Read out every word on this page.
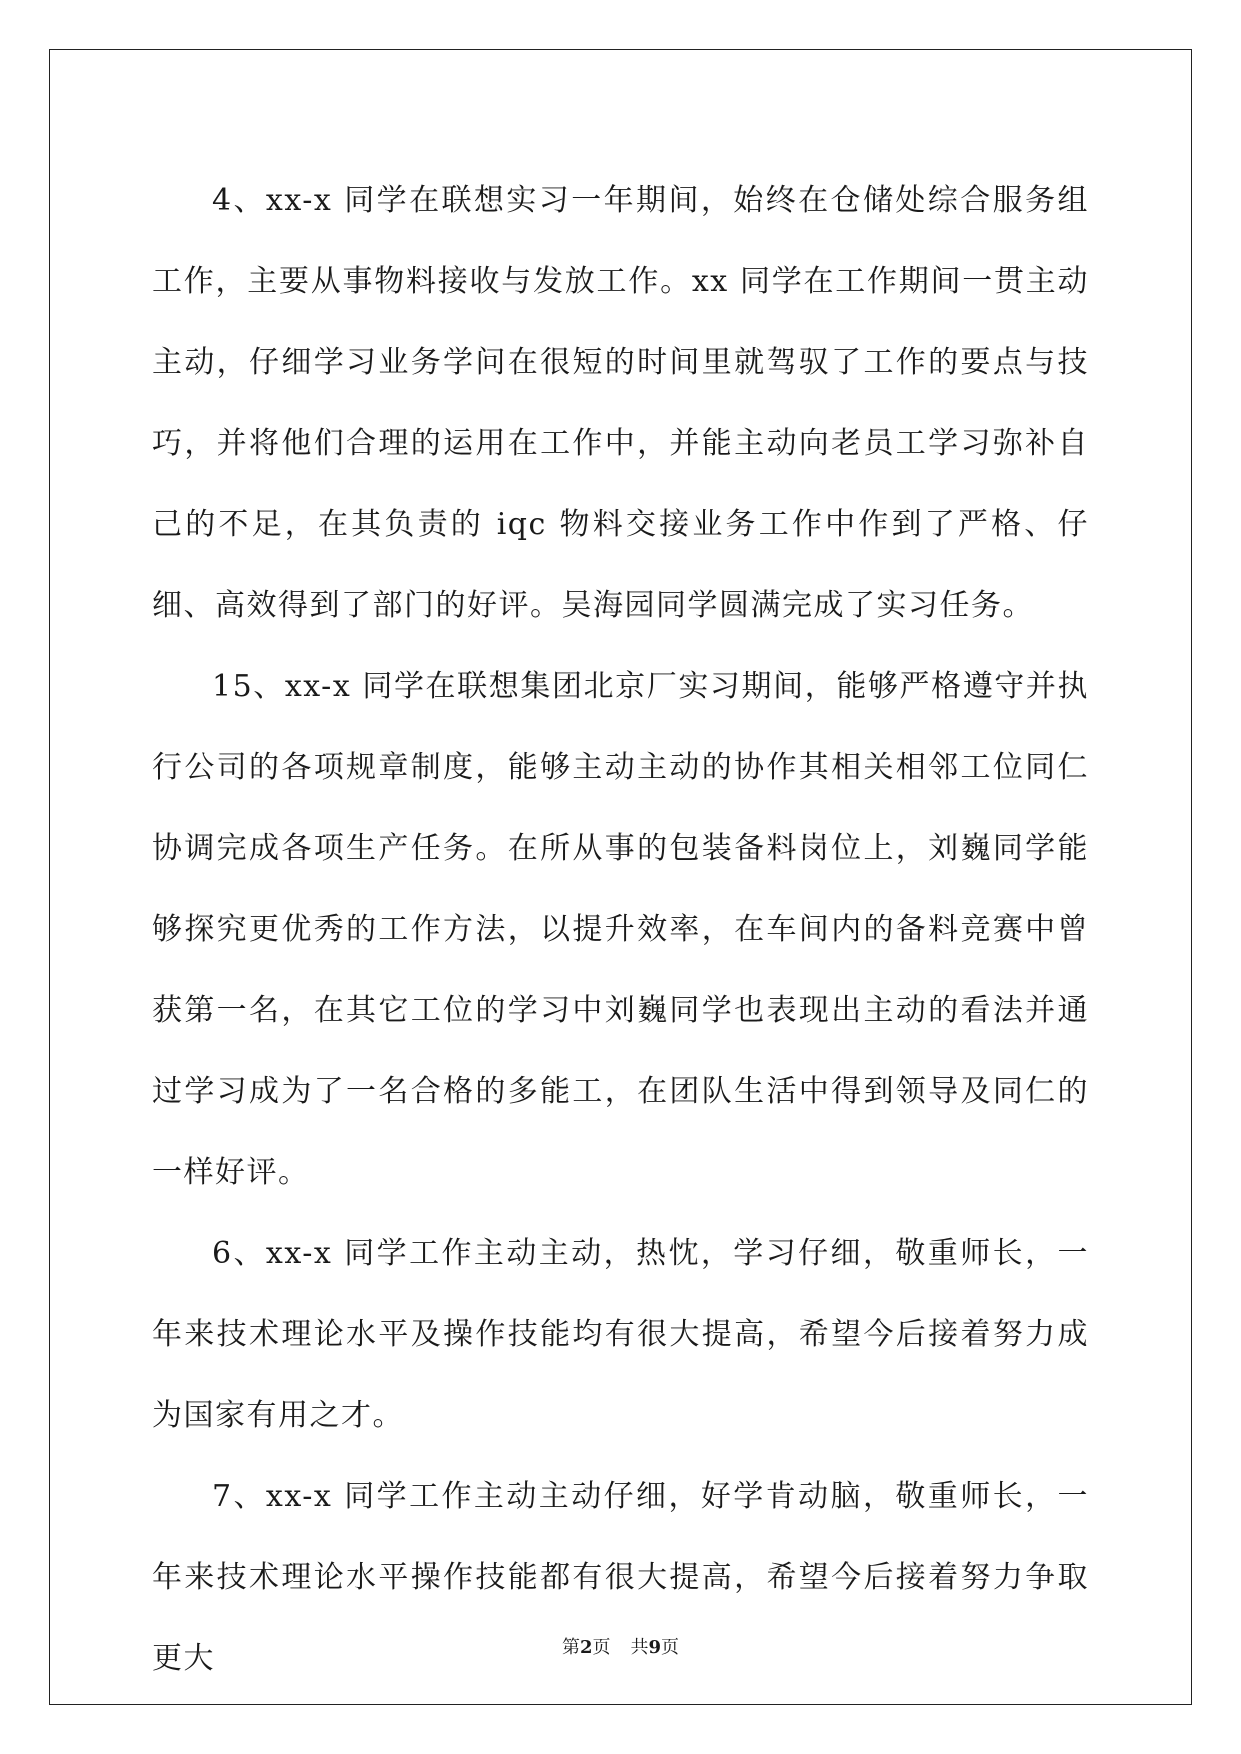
4、xx-x 同学在联想实习一年期间，始终在仓储处综合服务组工作，主要从事物料接收与发放工作。xx 同学在工作期间一贯主动主动，仔细学习业务学问在很短的时间里就驾驭了工作的要点与技巧，并将他们合理的运用在工作中，并能主动向老员工学习弥补自己的不足，在其负责的 iqc 物料交接业务工作中作到了严格、仔细、高效得到了部门的好评。吴海园同学圆满完成了实习任务。

15、xx-x 同学在联想集团北京厂实习期间，能够严格遵守并执行公司的各项规章制度，能够主动主动的协作其相关相邻工位同仁协调完成各项生产任务。在所从事的包装备料岗位上，刘巍同学能够探究更优秀的工作方法，以提升效率，在车间内的备料竞赛中曾获第一名，在其它工位的学习中刘巍同学也表现出主动的看法并通过学习成为了一名合格的多能工，在团队生活中得到领导及同仁的一样好评。

6、xx-x 同学工作主动主动，热忱，学习仔细，敬重师长，一年来技术理论水平及操作技能均有很大提高，希望今后接着努力成为国家有用之才。

7、xx-x 同学工作主动主动仔细，好学肯动脑，敬重师长，一年来技术理论水平操作技能都有很大提高，希望今后接着努力争取更大	第2页 共9页
